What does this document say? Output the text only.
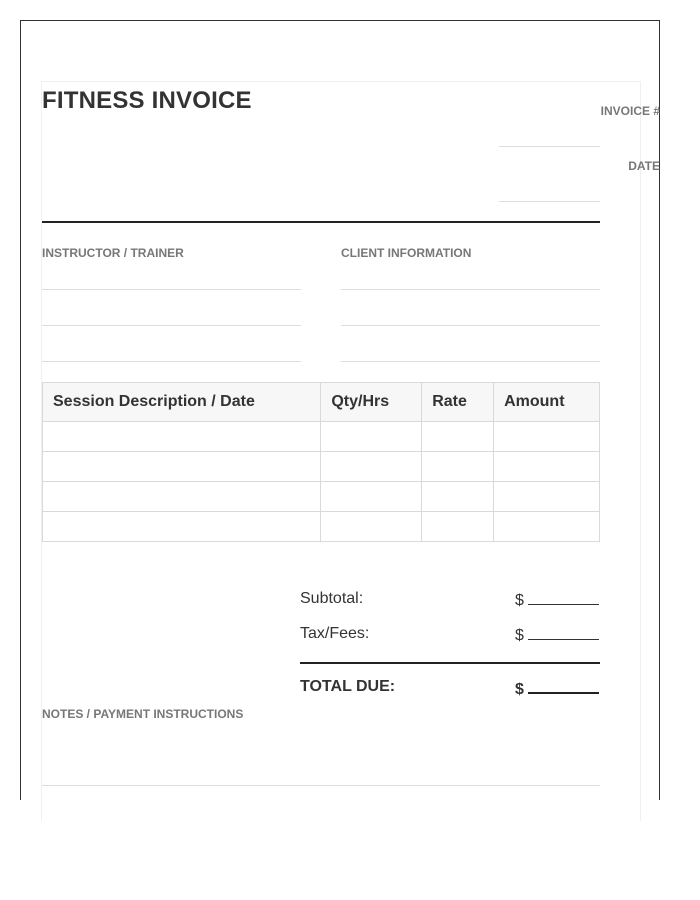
FITNESS INVOICE	INVOICE #
DATE
INSTRUCTOR / TRAINER	CLIENT INFORMATION
Session Description / Date	Qty/Hrs	Rate	Amount

Subtotal:	$
Tax/Fees:	$
TOTAL DUE:	$
NOTES / PAYMENT INSTRUCTIONS
